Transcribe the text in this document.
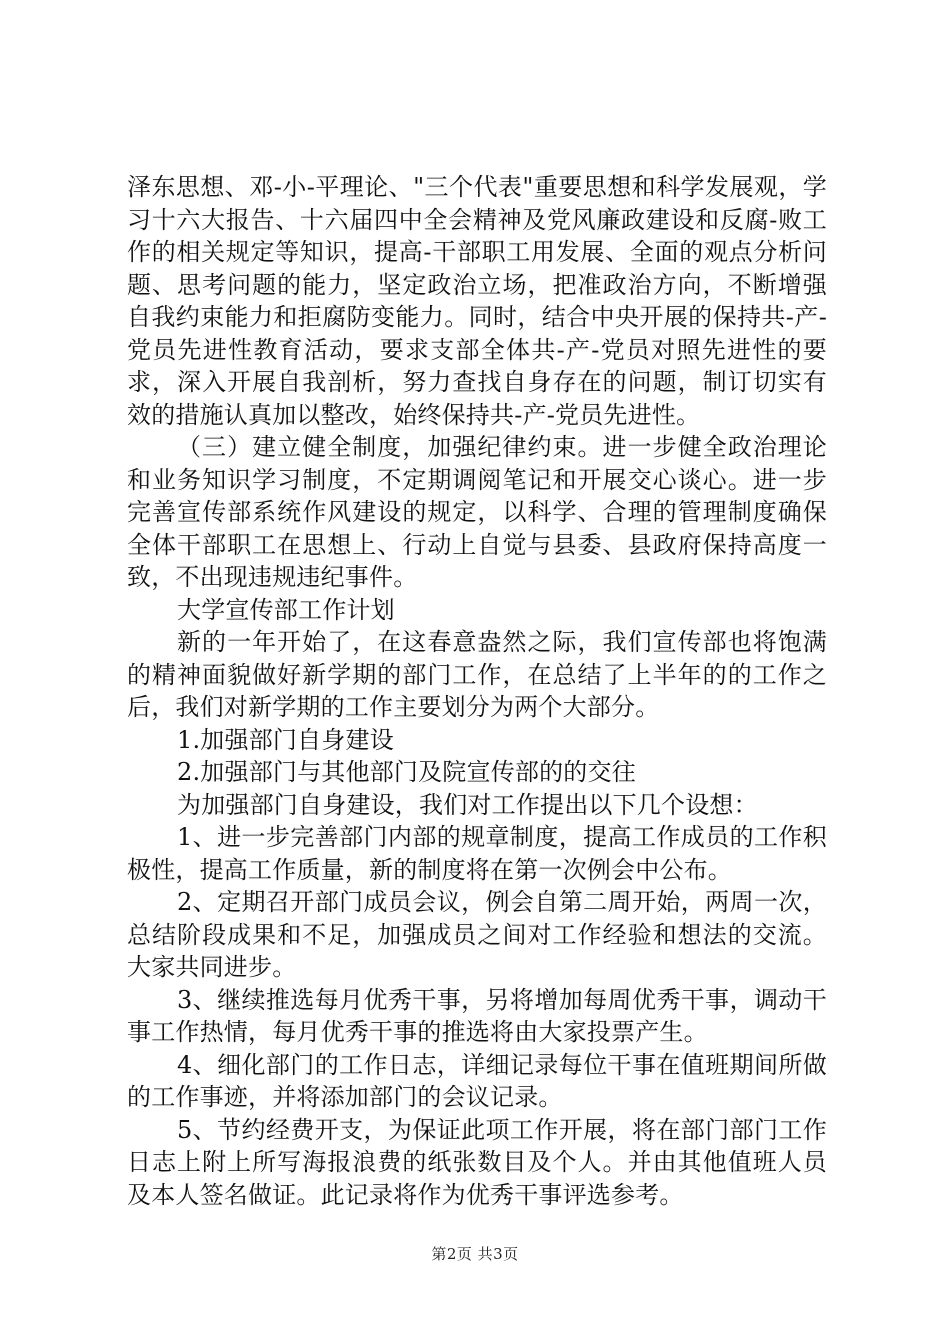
泽东思想、邓-小-平理论、"三个代表"重要思想和科学发展观，学习十六大报告、十六届四中全会精神及党风廉政建设和反腐-败工作的相关规定等知识，提高-干部职工用发展、全面的观点分析问题、思考问题的能力，坚定政治立场，把准政治方向，不断增强自我约束能力和拒腐防变能力。同时，结合中央开展的保持共-产-党员先进性教育活动，要求支部全体共-产-党员对照先进性的要求，深入开展自我剖析，努力查找自身存在的问题，制订切实有效的措施认真加以整改，始终保持共-产-党员先进性。

（三）建立健全制度，加强纪律约束。进一步健全政治理论和业务知识学习制度，不定期调阅笔记和开展交心谈心。进一步完善宣传部系统作风建设的规定，以科学、合理的管理制度确保全体干部职工在思想上、行动上自觉与县委、县政府保持高度一致，不出现违规违纪事件。

大学宣传部工作计划

新的一年开始了，在这春意盎然之际，我们宣传部也将饱满的精神面貌做好新学期的部门工作，在总结了上半年的的工作之后，我们对新学期的工作主要划分为两个大部分。

1.加强部门自身建设

2.加强部门与其他部门及院宣传部的的交往

为加强部门自身建设，我们对工作提出以下几个设想：

1、进一步完善部门内部的规章制度，提高工作成员的工作积极性，提高工作质量，新的制度将在第一次例会中公布。

2、定期召开部门成员会议，例会自第二周开始，两周一次，总结阶段成果和不足，加强成员之间对工作经验和想法的交流。大家共同进步。

3、继续推选每月优秀干事，另将增加每周优秀干事，调动干事工作热情，每月优秀干事的推选将由大家投票产生。

4、细化部门的工作日志，详细记录每位干事在值班期间所做的工作事迹，并将添加部门的会议记录。

5、节约经费开支，为保证此项工作开展，将在部门部门工作日志上附上所写海报浪费的纸张数目及个人。并由其他值班人员及本人签名做证。此记录将作为优秀干事评选参考。

第2页 共3页
